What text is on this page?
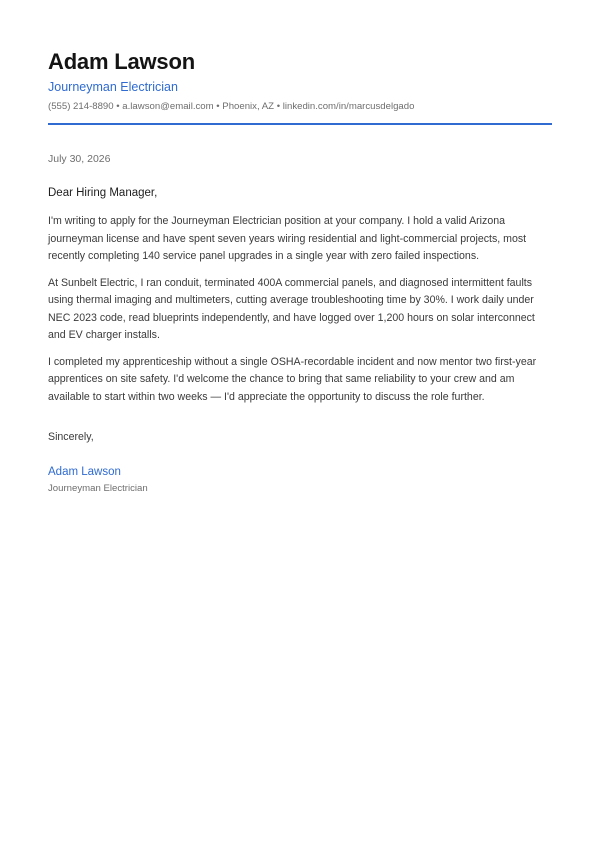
Adam Lawson
Journeyman Electrician
(555) 214-8890 • a.lawson@email.com • Phoenix, AZ • linkedin.com/in/marcusdelgado
July 30, 2026
Dear Hiring Manager,

I'm writing to apply for the Journeyman Electrician position at your company. I hold a valid Arizona journeyman license and have spent seven years wiring residential and light-commercial projects, most recently completing 140 service panel upgrades in a single year with zero failed inspections.

At Sunbelt Electric, I ran conduit, terminated 400A commercial panels, and diagnosed intermittent faults using thermal imaging and multimeters, cutting average troubleshooting time by 30%. I work daily under NEC 2023 code, read blueprints independently, and have logged over 1,200 hours on solar interconnect and EV charger installs.

I completed my apprenticeship without a single OSHA-recordable incident and now mentor two first-year apprentices on site safety. I'd welcome the chance to bring that same reliability to your crew and am available to start within two weeks — I'd appreciate the opportunity to discuss the role further.

Sincerely,
Adam Lawson
Journeyman Electrician
